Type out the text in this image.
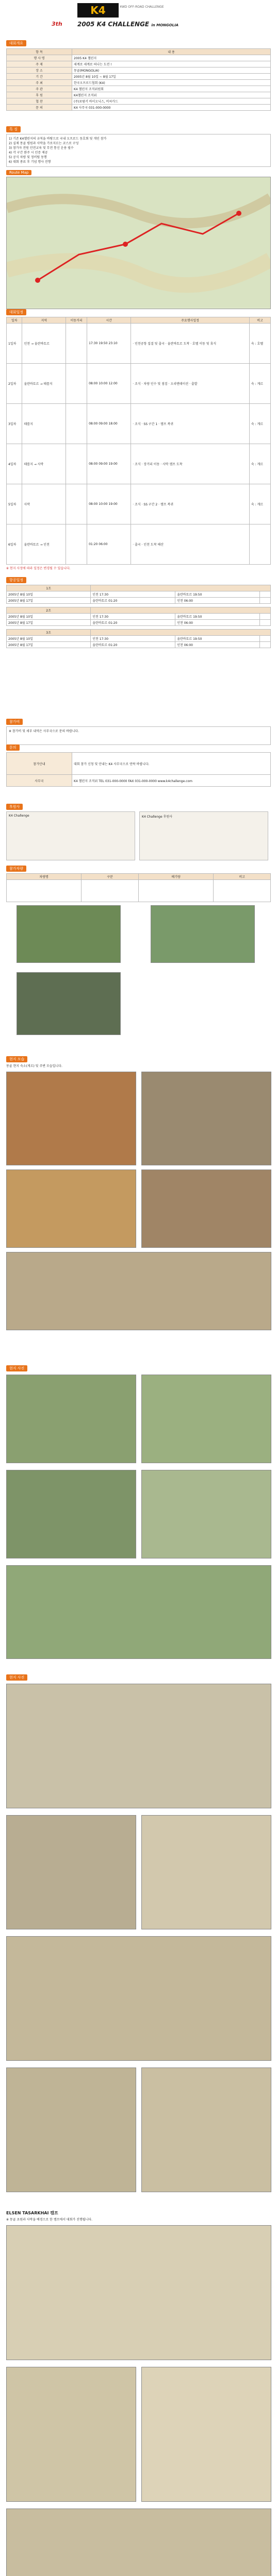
K4	4WD OFF-ROAD CHALLENGE
3th 2005 K4 CHALLENGE in MONGOLIA
대회개요
항 목	내 용
행 사 명	2005 K4 챌린지
주 제	세계로 세계로 떠나는 도전 !
장 소	몽골(MONGOLIA)
기 간	2005년 8월 10일 ~ 8월 17일
주 최	한국오프로드협회 (K4)
주 관	K4 챌린지 조직위원회
후 원	K4챌린지 조직위
협 찬	(주)포람키 바이오닉스, 비씨카드
문 의	K4 사무국 031-000-0000
특 징
1) 기존 K4챌린지의 규칙을 바탕으로 국내 오프로드 동호회 및 개인 참가
2) 실제 몽골 평원과 사막을 가로지르는 코스로 구성
3) 참가자 전원 안전교육 및 무전 통신 운용 필수
4) 각 구간 완주 시 인증 제공
5) 공식 차량 및 정비팀 동행
6) 대회 종료 후 기념 행사 진행
Route Map
대회일정
일차	지역	이동거리	시간	주요행사일정	비고
1일차	인천 → 울란바토르		17:30 19:50 23:10	· 인천공항 집결 및 출국 · 울란바토르 도착 · 호텔 이동 및 휴식	숙 : 호텔
2일차	울란바토르 → 테를지		08:00 10:00 12:00	· 조식 · 차량 인수 및 점검 · 오리엔테이션 · 출발	숙 : 게르
3일차	테를지		08:00 09:00 18:00	· 조식 · SS 구간 1 · 캠프 복귀	숙 : 게르
4일차	테를지 → 사막		08:00 09:00 19:00	· 조식 · 장거리 이동 · 사막 캠프 도착	숙 : 게르
5일차	사막		08:00 10:00 19:00	· 조식 · SS 구간 2 · 캠프 복귀	숙 : 게르
6일차	울란바토르 → 인천		01:20 06:00	· 출국 · 인천 도착 해산	
※ 현지 사정에 따라 일정은 변경될 수 있습니다.
항공일정
1조			
2005년 8월 10일	인천 17:30	울란바토르 19:50	
2005년 8월 17일	울란바토르 01:20	인천 06:00	
2조			
2005년 8월 10일	인천 17:30	울란바토르 19:50	
2005년 8월 17일	울란바토르 01:20	인천 06:00	
3조			
2005년 8월 10일	인천 17:30	울란바토르 19:50	
2005년 8월 17일	울란바토르 01:20	인천 06:00	
참가비
※ 참가비 및 세부 내역은 사무국으로 문의 바랍니다.
문의
참가안내	대회 참가 신청 및 안내는 K4 사무국으로 연락 바랍니다.
사무국	K4 챌린지 조직위 TEL 031-000-0000 FAX 031-000-0000 www.k4challenge.com
후원사
K4 Challenge	K4 Challenge 후원사
참가차량
차량명	구분	배기량	비고

현지 모습
몽골 현지 숙소(게르) 및 주변 모습입니다.
현지 사진
현지 사진
ELSEN TASARKHAI 캠프
※ 몽골 초원과 사막을 배경으로 한 캠프에서 대회가 진행됩니다.
